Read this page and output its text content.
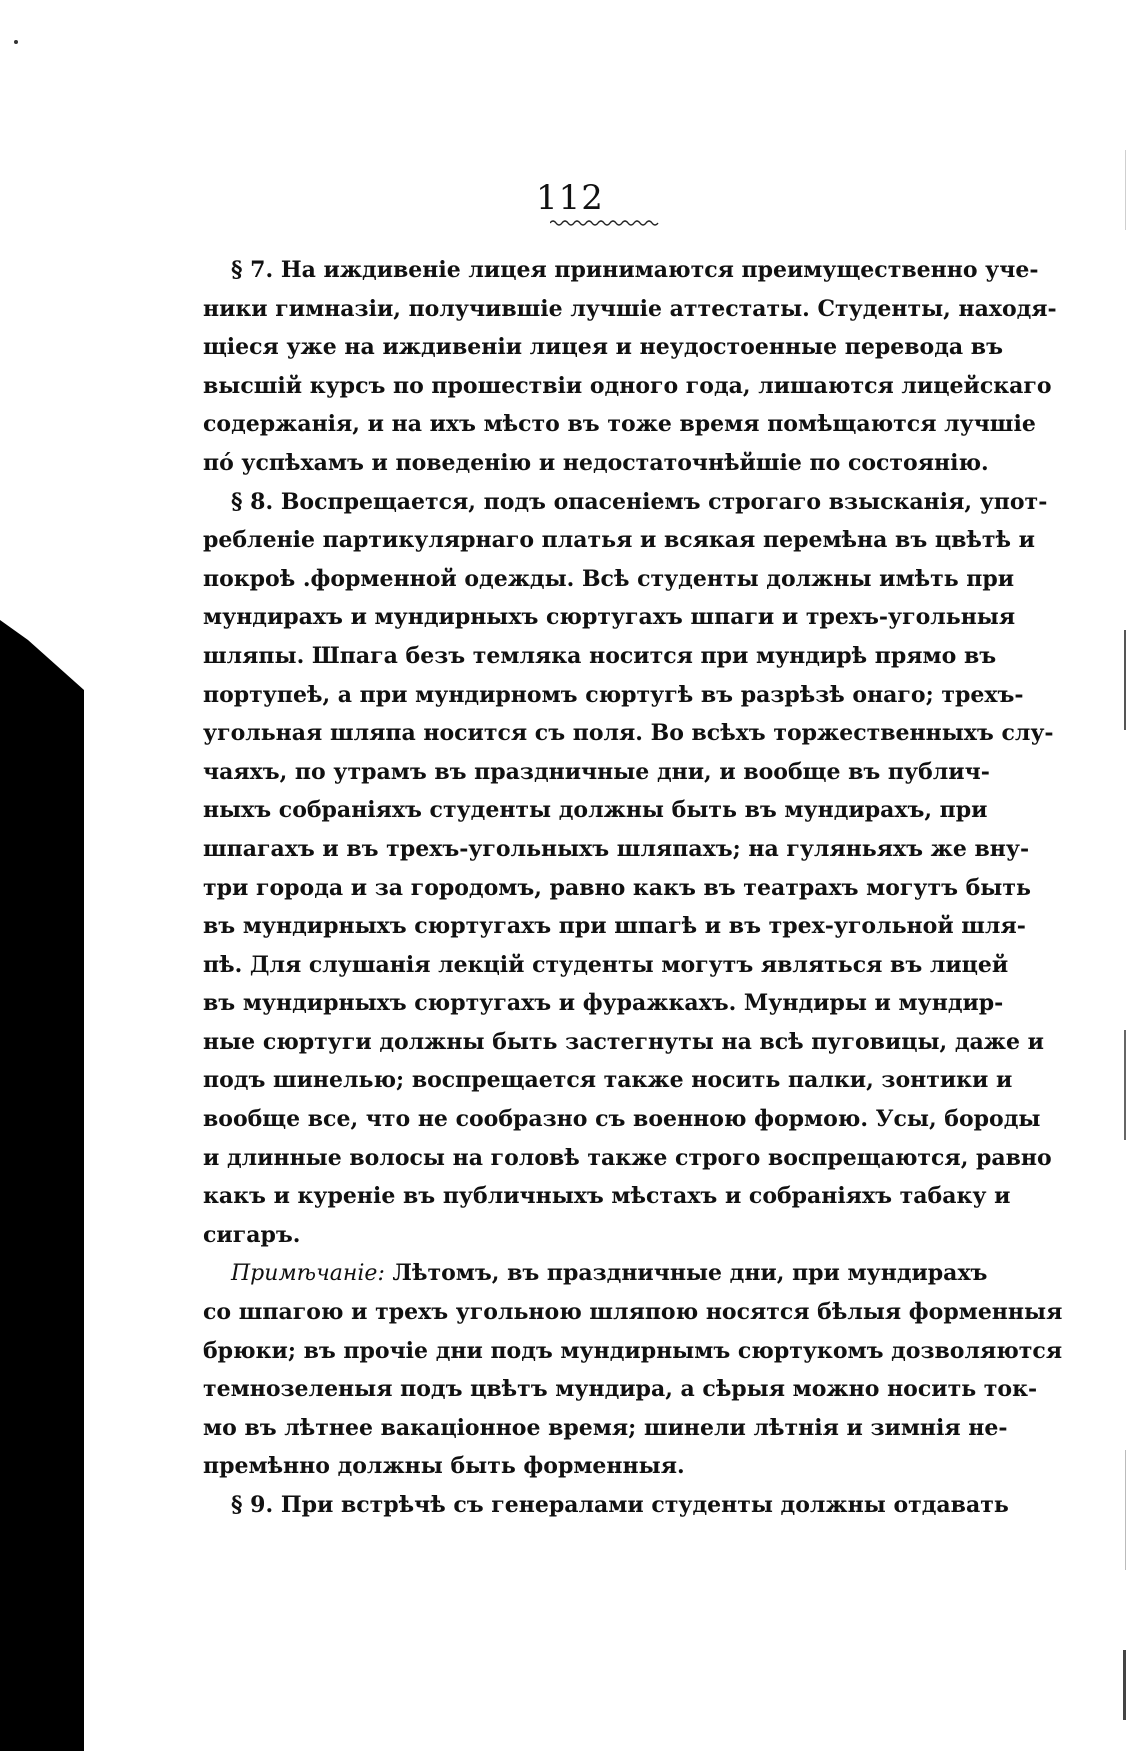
112
§ 7. На иждивеніе лицея принимаются преимущественно уче-
ники гимназіи, получившіе лучшіе аттестаты. Студенты, находя-
щіеся уже на иждивеніи лицея и неудостоенные перевода въ
высшій курсъ по прошествіи одного года, лишаются лицейскаго
содержанія, и на ихъ мѣсто въ тоже время помѣщаются лучшіе
пó успѣхамъ и поведенію и недостаточнѣйшіе по состоянію.
§ 8. Воспрещается, подъ опасеніемъ строгаго взысканія, упот-
ребленіе партикулярнаго платья и всякая перемѣна въ цвѣтѣ и
покроѣ .форменной одежды. Всѣ студенты должны имѣть при
мундирахъ и мундирныхъ сюртугахъ шпаги и трехъ-угольныя
шляпы. Шпага безъ темляка носится при мундирѣ прямо въ
портупеѣ, а при мундирномъ сюртугѣ въ разрѣзѣ онаго; трехъ-
угольная шляпа носится съ поля. Во всѣхъ торжественныхъ слу-
чаяхъ, по утрамъ въ праздничные дни, и вообще въ публич-
ныхъ собраніяхъ студенты должны быть въ мундирахъ, при
шпагахъ и въ трехъ-угольныхъ шляпахъ; на гуляньяхъ же вну-
три города и за городомъ, равно какъ въ театрахъ могутъ быть
въ мундирныхъ сюртугахъ при шпагѣ и въ трех-угольной шля-
пѣ. Для слушанія лекцій студенты могутъ являться въ лицей
въ мундирныхъ сюртугахъ и фуражкахъ. Мундиры и мундир-
ные сюртуги должны быть застегнуты на всѣ пуговицы, даже и
подъ шинелью; воспрещается также носить палки, зонтики и
вообще все, что не сообразно съ военною формою. Усы, бороды
и длинные волосы на головѣ также строго воспрещаются, равно
какъ и куреніе въ публичныхъ мѣстахъ и собраніяхъ табаку и
сигаръ.
Примѣчаніе: Лѣтомъ, въ праздничные дни, при мундирахъ
со шпагою и трехъ угольною шляпою носятся бѣлыя форменныя
брюки; въ прочіе дни подъ мундирнымъ сюртукомъ дозволяются
темнозеленыя подъ цвѣтъ мундира, а сѣрыя можно носить ток-
мо въ лѣтнее вакаціонное время; шинели лѣтнія и зимнія не-
премѣнно должны быть форменныя.
§ 9. При встрѣчѣ съ генералами студенты должны отдавать
